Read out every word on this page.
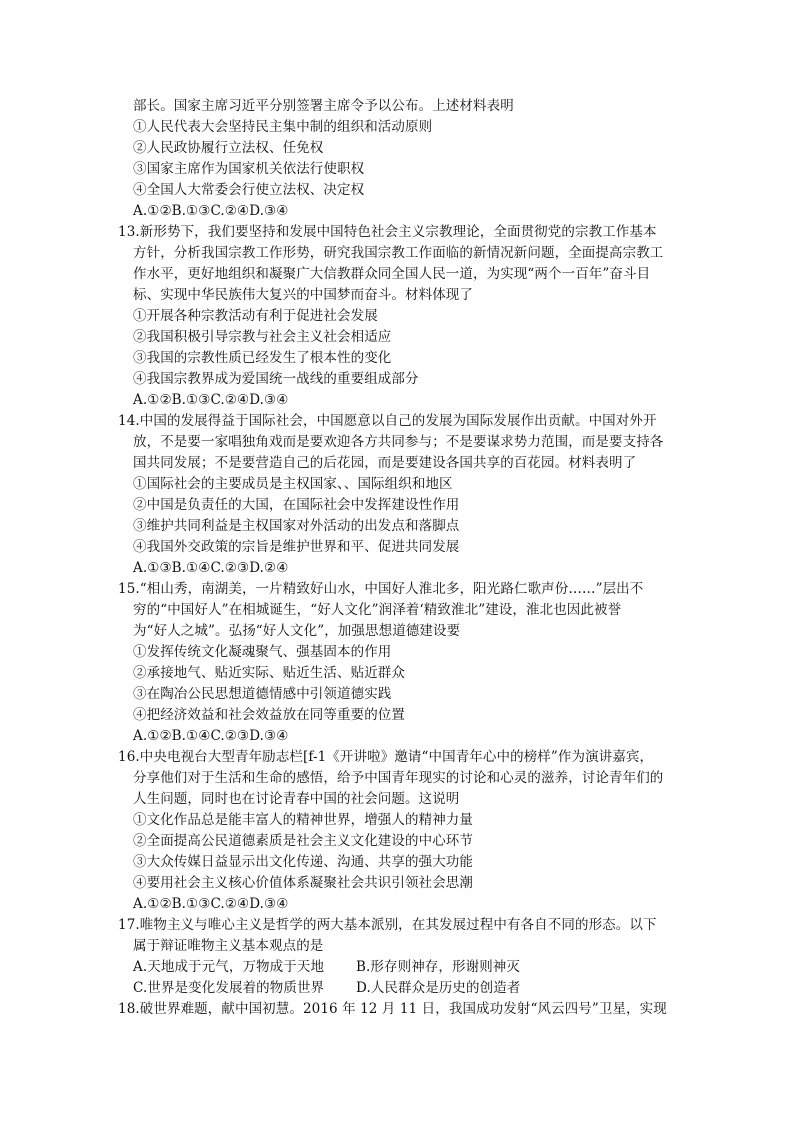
部长。国家主席习近平分别签署主席令予以公布。上述材料表明
①人民代表大会坚持民主集中制的组织和活动原则
②人民政协履行立法权、任免权
③国家主席作为国家机关依法行使职权
④全国人大常委会行使立法权、决定权
A.①②B.①③C.②④D.③④
13.新形势下，我们要坚持和发展中国特色社会主义宗教理论，全面贯彻党的宗教工作基本
方针，分析我国宗教工作形势，研究我国宗教工作面临的新情况新问题，全面提高宗教工
作水平，更好地组织和凝聚广大信教群众同全国人民一道，为实现“两个一百年”奋斗目
标、实现中华民族伟大复兴的中国梦而奋斗。材料体现了
①开展各种宗教活动有利于促进社会发展
②我国积极引导宗教与社会主义社会相适应
③我国的宗教性质已经发生了根本性的变化
④我国宗教界成为爱国统一战线的重要组成部分
A.①②B.①③C.②④D.③④
14.中国的发展得益于国际社会，中国愿意以自己的发展为国际发展作出贡献。中国对外开
放，不是要一家唱独角戏而是要欢迎各方共同参与；不是要谋求势力范围，而是要支持各
国共同发展；不是要营造自己的后花园，而是要建设各国共享的百花园。材料表明了
①国际社会的主要成员是主权国家、、国际组织和地区
②中国是负责任的大国，在国际社会中发挥建设性作用
③维护共同利益是主权国家对外活动的出发点和落脚点
④我国外交政策的宗旨是维护世界和平、促进共同发展
A.①③B.①④C.②③D.②④
15.“相山秀，南湖美，一片精致好山水，中国好人淮北多，阳光路仁歌声份……”层出不
穷的“中国好人”在相城诞生，“好人文化”润泽着‘精致淮北”建设，淮北也因此被誉
为“好人之城”。弘扬“好人文化”，加强思想道德建设要
①发挥传统文化凝魂聚气、强基固本的作用
②承接地气、贴近实际、贴近生活、贴近群众
③在陶冶公民思想道德情感中引领道德实践
④把经济效益和社会效益放在同等重要的位置
A.①②B.①④C.②③D.③④
16.中央电视台大型青年励志栏[f-1《开讲啦》邀请“中国青年心中的榜样”作为演讲嘉宾，
分享他们对于生活和生命的感悟，给予中国青年现实的讨论和心灵的滋养，讨论青年们的
人生问题，同时也在讨论青春中国的社会问题。这说明
①文化作品总是能丰富人的精神世界，增强人的精神力量
②全面提高公民道德素质是社会主义文化建设的中心环节
③大众传媒日益显示出文化传递、沟通、共享的强大功能
④要用社会主义核心价值体系凝聚社会共识引领社会思潮
A.①②B.①③C.②④D.③④
17.唯物主义与唯心主义是哲学的两大基本派别，在其发展过程中有各自不同的形态。以下
属于辩证唯物主义基本观点的是
A.天地成于元气，万物成于天地 B.形存则神存，形谢则神灭
C.世界是变化发展着的物质世界 D.人民群众是历史的创造者
18.破世界难题，献中国初慧。2016 年 12 月 11 日，我国成功发射“风云四号”卫星，实现
